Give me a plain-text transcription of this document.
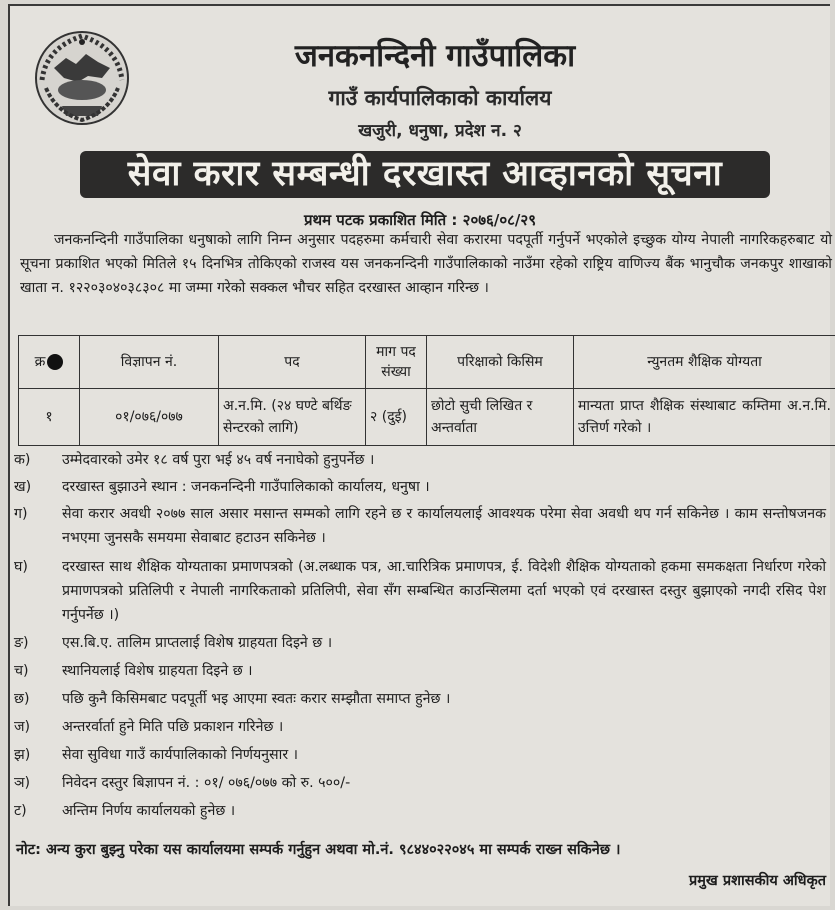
जनकनन्दिनी गाउँपालिका
गाउँ कार्यपालिकाको कार्यालय
खजुरी, धनुषा, प्रदेश न. २
सेवा करार सम्बन्धी दरखास्त आव्हानको सूचना
प्रथम पटक प्रकाशित मिति : २०७६/०८/२९
जनकनन्दिनी गाउँपालिका धनुषाको लागि निम्न अनुसार पदहरुमा कर्मचारी सेवा करारमा पदपूर्ती गर्नुपर्ने भएकोले इच्छुक योग्य नेपाली नागरिकहरुबाट यो सूचना प्रकाशित भएको मितिले १५ दिनभित्र तोकिएको राजस्व यस जनकनन्दिनी गाउँपालिकाको नाउँमा रहेको राष्ट्रिय वाणिज्य बैंक भानुचौक जनकपुर शाखाको खाता न. १२२०३०४०३८३०८ मा जम्मा गरेको सक्कल भौचर सहित दरखास्त आव्हान गरिन्छ ।
क्र	विज्ञापन नं.	पद	माग पद संख्या	परिक्षाको किसिम	न्युनतम शैक्षिक योग्यता
१	०१/०७६/०७७	अ.न.मि. (२४ घण्टे बर्थिङ सेन्टरको लागि)	२ (दुई)	छोटो सुची लिखित र अन्तर्वाता	मान्यता प्राप्त शैक्षिक संस्थाबाट कम्तिमा अ.न.मि. उत्तिर्ण गरेको ।
क)	उम्मेदवारको उमेर १८ वर्ष पुरा भई ४५ वर्ष ननाघेको हुनुपर्नेछ ।
ख)	दरखास्त बुझाउने स्थान : जनकनन्दिनी गाउँपालिकाको कार्यालय, धनुषा ।
ग)	सेवा करार अवधी २०७७ साल असार मसान्त सम्मको लागि रहने छ र कार्यालयलाई आवश्यक परेमा सेवा अवधी थप गर्न सकिनेछ । काम सन्तोषजनक नभएमा जुनसकै समयमा सेवाबाट हटाउन सकिनेछ ।
घ)	दरखास्त साथ शैक्षिक योग्यताका प्रमाणपत्रको (अ.लब्धाक पत्र, आ.चारित्रिक प्रमाणपत्र, ई. विदेशी शैक्षिक योग्यताको हकमा समकक्षता निर्धारण गरेको प्रमाणपत्रको प्रतिलिपी र नेपाली नागरिकताको प्रतिलिपी, सेवा सँग सम्बन्धित काउन्सिलमा दर्ता भएको एवं दरखास्त दस्तुर बुझाएको नगदी रसिद पेश गर्नुपर्नेछ ।)
ङ)	एस.बि.ए. तालिम प्राप्तलाई विशेष ग्राहयता दिइने छ ।
च)	स्थानियलाई विशेष ग्राहयता दिइने छ ।
छ)	पछि कुनै किसिमबाट पदपूर्ती भइ आएमा स्वतः करार सम्झौता समाप्त हुनेछ ।
ज)	अन्तरर्वार्ता हुने मिति पछि प्रकाशन गरिनेछ ।
झ)	सेवा सुविधा गाउँ कार्यपालिकाको निर्णयनुसार ।
ञ)	निवेदन दस्तुर बिज्ञापन नं. : ०१/ ०७६/०७७ को रु. ५००/-
ट)	अन्तिम निर्णय कार्यालयको हुनेछ ।
नोट: अन्य कुरा बुझ्नु परेका यस कार्यालयमा सम्पर्क गर्नुहुन अथवा मो.नं. ९८४४०२२०४५ मा सम्पर्क राख्न सकिनेछ ।
प्रमुख प्रशासकीय अधिकृत
